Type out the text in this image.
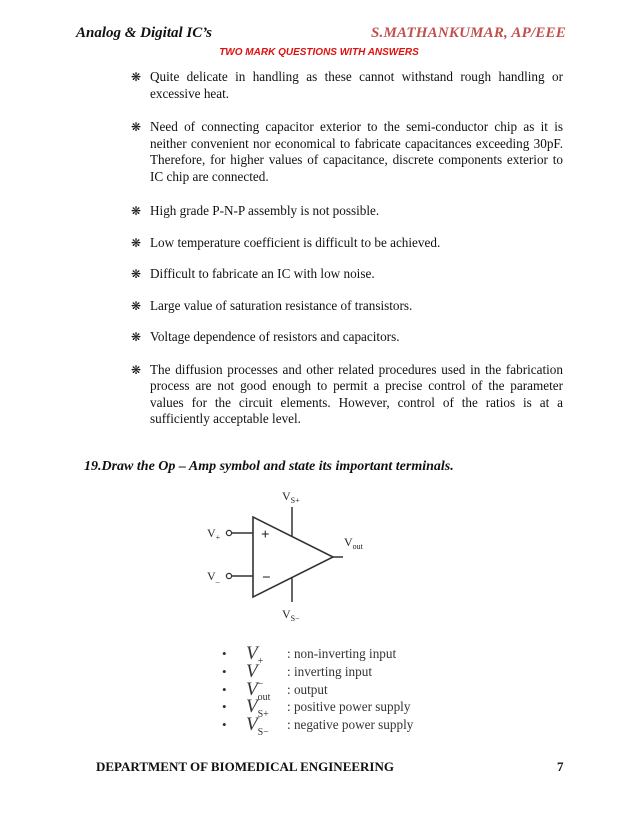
Analog & Digital IC’s	S.MATHANKUMAR, AP/EEE
TWO MARK QUESTIONS WITH ANSWERS
❋ Quite delicate in handling as these cannot withstand rough handling or excessive heat.
❋ Need of connecting capacitor exterior to the semi-conductor chip as it is neither convenient nor economical to fabricate capacitances exceeding 30pF. Therefore, for higher values of capacitance, discrete components exterior to IC chip are connected.
❋ High grade P-N-P assembly is not possible.
❋ Low temperature coefficient is difficult to be achieved.
❋ Difficult to fabricate an IC with low noise.
❋ Large value of saturation resistance of transistors.
❋ Voltage dependence of resistors and capacitors.
❋ The diffusion processes and other related procedures used in the fabrication process are not good enough to permit a precise control of the parameter values for the circuit elements. However, control of the ratios is at a sufficiently acceptable level.
19.Draw the Op – Amp symbol and state its important terminals.
+
−
$V_+$
V_
$V_{out}$
$V_{S+}$
$V_{S-}$
• $V_+$
: non-inverting input
• $V_{\_}$
: inverting input
• $V_{out}$
: output
• $V_{S+}$
: positive power supply
• $V_{S-}$
: negative power supply
DEPARTMENT OF BIOMEDICAL ENGINEERING	7
